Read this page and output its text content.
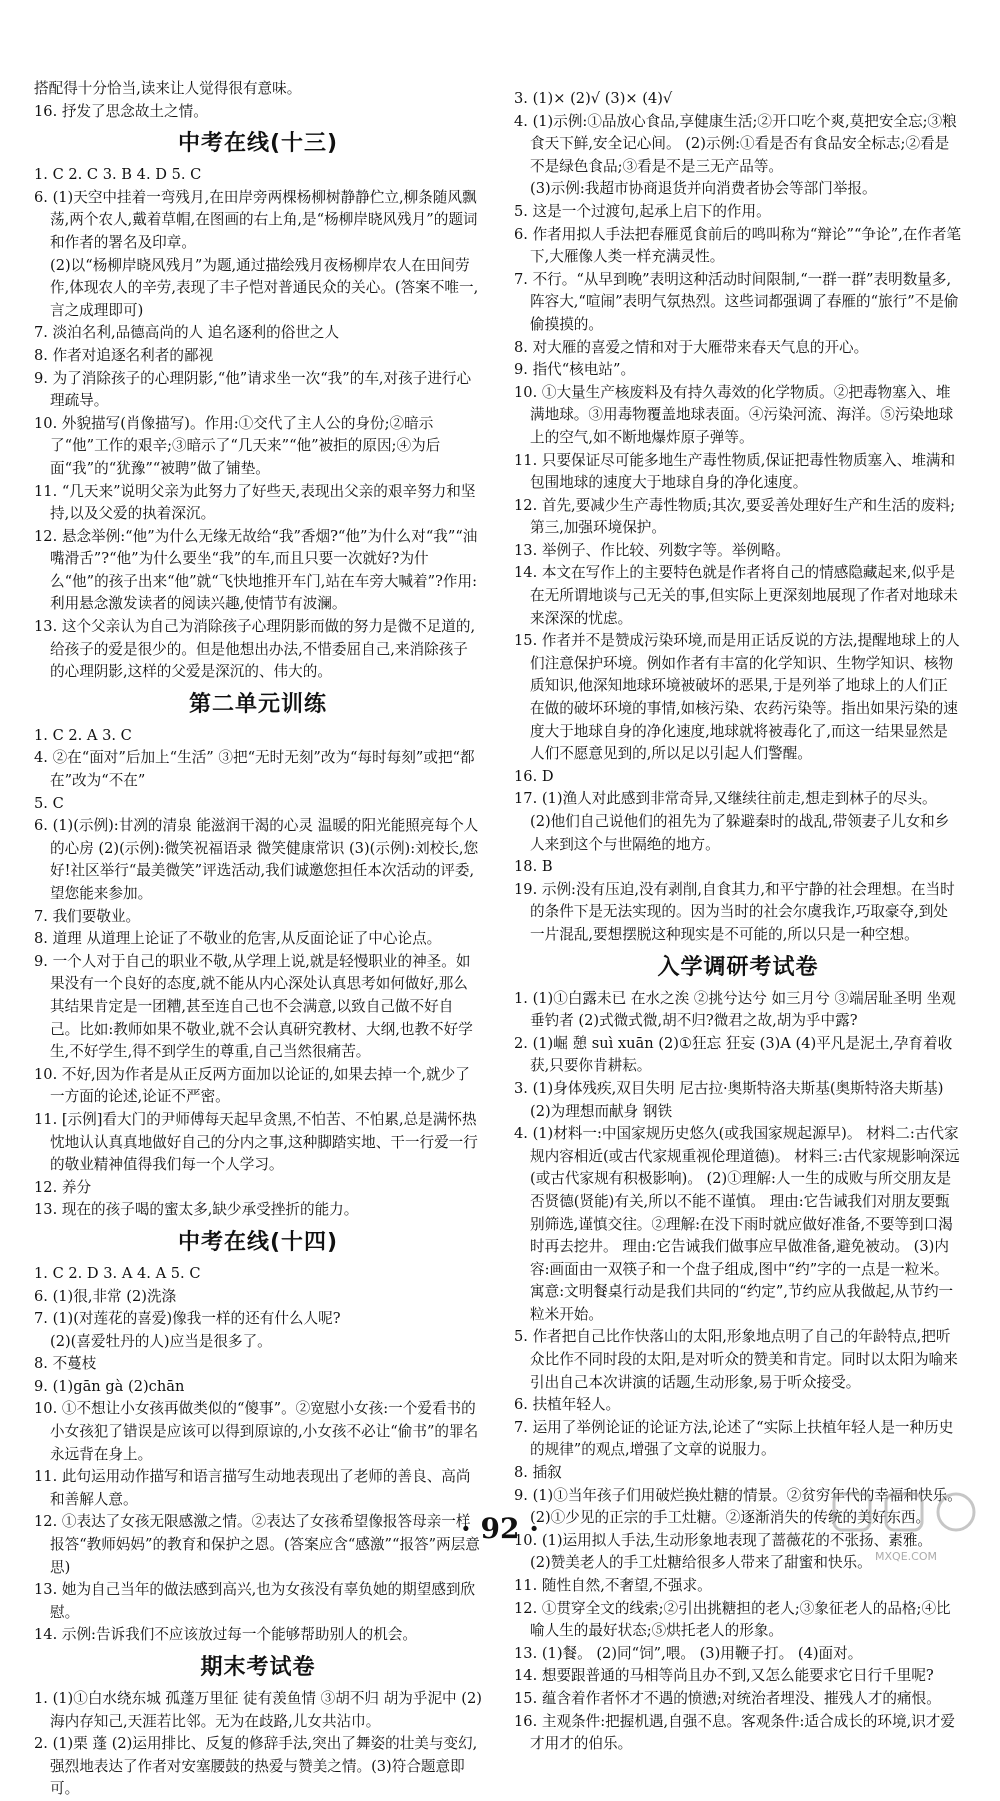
搭配得十分恰当,读来让人觉得很有意味。

16. 抒发了思念故土之情。

中考在线(十三)

1. C 2. C 3. B 4. D 5. C

6. (1)天空中挂着一弯残月,在田岸旁两棵杨柳树静静伫立,柳条随风飘荡,两个农人,戴着草帽,在图画的右上角,是“杨柳岸晓风残月”的题词和作者的署名及印章。

(2)以“杨柳岸晓风残月”为题,通过描绘残月夜杨柳岸农人在田间劳作,体现农人的辛劳,表现了丰子恺对普通民众的关心。(答案不唯一,言之成理即可)

7. 淡泊名利,品德高尚的人 追名逐利的俗世之人

8. 作者对追逐名利者的鄙视

9. 为了消除孩子的心理阴影,“他”请求坐一次“我”的车,对孩子进行心理疏导。

10. 外貌描写(肖像描写)。作用:①交代了主人公的身份;②暗示了“他”工作的艰辛;③暗示了“几天来”“他”被拒的原因;④为后面“我”的“犹豫”“被聘”做了铺垫。

11. “几天来”说明父亲为此努力了好些天,表现出父亲的艰辛努力和坚持,以及父爱的执着深沉。

12. 悬念举例:“他”为什么无缘无故给“我”香烟?“他”为什么对“我”“油嘴滑舌”?“他”为什么要坐“我”的车,而且只要一次就好?为什么“他”的孩子出来“他”就“飞快地推开车门,站在车旁大喊着”?作用:利用悬念激发读者的阅读兴趣,使情节有波澜。

13. 这个父亲认为自己为消除孩子心理阴影而做的努力是微不足道的,给孩子的爱是很少的。但是他想出办法,不惜委屈自己,来消除孩子的心理阴影,这样的父爱是深沉的、伟大的。

第二单元训练

1. C 2. A 3. C

4. ②在“面对”后加上“生活” ③把“无时无刻”改为“每时每刻”或把“都在”改为“不在”

5. C

6. (1)(示例):甘冽的清泉 能滋润干渴的心灵 温暖的阳光能照亮每个人的心房 (2)(示例):微笑祝福语录 微笑健康常识 (3)(示例):刘校长,您好!社区举行“最美微笑”评选活动,我们诚邀您担任本次活动的评委,望您能来参加。

7. 我们要敬业。

8. 道理 从道理上论证了不敬业的危害,从反面论证了中心论点。

9. 一个人对于自己的职业不敬,从学理上说,就是轻慢职业的神圣。如果没有一个良好的态度,就不能从内心深处认真思考如何做好,那么其结果肯定是一团糟,甚至连自己也不会满意,以致自己做不好自己。比如:教师如果不敬业,就不会认真研究教材、大纲,也教不好学生,不好学生,得不到学生的尊重,自己当然很痛苦。

10. 不好,因为作者是从正反两方面加以论证的,如果去掉一个,就少了一方面的论述,论证不严密。

11. [示例]看大门的尹师傅每天起早贪黑,不怕苦、不怕累,总是满怀热忱地认认真真地做好自己的分内之事,这种脚踏实地、干一行爱一行的敬业精神值得我们每一个人学习。

12. 养分

13. 现在的孩子喝的蜜太多,缺少承受挫折的能力。

中考在线(十四)

1. C 2. D 3. A 4. A 5. C

6. (1)很,非常 (2)洗涤

7. (1)(对莲花的喜爱)像我一样的还有什么人呢?

(2)(喜爱牡丹的人)应当是很多了。

8. 不蔓枝

9. (1)gān gà (2)chān

10. ①不想让小女孩再做类似的“傻事”。②宽慰小女孩:一个爱看书的小女孩犯了错误是应该可以得到原谅的,小女孩不必让“偷书”的罪名永远背在身上。

11. 此句运用动作描写和语言描写生动地表现出了老师的善良、高尚和善解人意。

12. ①表达了女孩无限感激之情。②表达了女孩希望像报答母亲一样报答“教师妈妈”的教育和保护之恩。(答案应含“感激”“报答”两层意思)

13. 她为自己当年的做法感到高兴,也为女孩没有辜负她的期望感到欣慰。

14. 示例:告诉我们不应该放过每一个能够帮助别人的机会。

期末考试卷

1. (1)①白水绕东城 孤蓬万里征 徒有羡鱼情 ③胡不归 胡为乎泥中 (2)海内存知己,天涯若比邻。无为在歧路,儿女共沾巾。

2. (1)栗 蓬 (2)运用排比、反复的修辞手法,突出了舞姿的壮美与变幻,强烈地表达了作者对安塞腰鼓的热爱与赞美之情。(3)符合题意即可。

3. (1)× (2)√ (3)× (4)√

4. (1)示例:①品放心食品,享健康生活;②开口吃个爽,莫把安全忘;③粮食天下鲜,安全记心间。 (2)示例:①看是否有食品安全标志;②看是不是绿色食品;③看是不是三无产品等。

(3)示例:我超市协商退货并向消费者协会等部门举报。

5. 这是一个过渡句,起承上启下的作用。

6. 作者用拟人手法把春雁觅食前后的鸣叫称为“辩论”“争论”,在作者笔下,大雁像人类一样充满灵性。

7. 不行。“从早到晚”表明这种活动时间限制,“一群一群”表明数量多,阵容大,“喧闹”表明气氛热烈。这些词都强调了春雁的“旅行”不是偷偷摸摸的。

8. 对大雁的喜爱之情和对于大雁带来春天气息的开心。

9. 指代“核电站”。

10. ①大量生产核废料及有持久毒效的化学物质。②把毒物塞入、堆满地球。③用毒物覆盖地球表面。④污染河流、海洋。⑤污染地球上的空气,如不断地爆炸原子弹等。

11. 只要保证尽可能多地生产毒性物质,保证把毒性物质塞入、堆满和包围地球的速度大于地球自身的净化速度。

12. 首先,要减少生产毒性物质;其次,要妥善处理好生产和生活的废料;第三,加强环境保护。

13. 举例子、作比较、列数字等。举例略。

14. 本文在写作上的主要特色就是作者将自己的情感隐藏起来,似乎是在无所谓地谈与己无关的事,但实际上更深刻地展现了作者对地球未来深深的忧虑。

15. 作者并不是赞成污染环境,而是用正话反说的方法,提醒地球上的人们注意保护环境。例如作者有丰富的化学知识、生物学知识、核物质知识,他深知地球环境被破坏的恶果,于是列举了地球上的人们正在做的破坏环境的事情,如核污染、农药污染等。指出如果污染的速度大于地球自身的净化速度,地球就将被毒化了,而这一结果显然是人们不愿意见到的,所以足以引起人们警醒。

16. D

17. (1)渔人对此感到非常奇异,又继续往前走,想走到林子的尽头。

(2)他们自己说他们的祖先为了躲避秦时的战乱,带领妻子儿女和乡人来到这个与世隔绝的地方。

18. B

19. 示例:没有压迫,没有剥削,自食其力,和平宁静的社会理想。在当时的条件下是无法实现的。因为当时的社会尔虞我诈,巧取豪夺,到处一片混乱,要想摆脱这种现实是不可能的,所以只是一种空想。

入学调研考试卷

1. (1)①白露未已 在水之涘 ②挑兮达兮 如三月兮 ③端居耻圣明 坐观垂钓者 (2)式微式微,胡不归?微君之故,胡为乎中露?

2. (1)崛 憩 suì xuān (2)①狂忘 狂妄 (3)A (4)平凡是泥土,孕育着收获,只要你肯耕耘。

3. (1)身体残疾,双目失明 尼古拉·奥斯特洛夫斯基(奥斯特洛夫斯基) (2)为理想而献身 钢铁

4. (1)材料一:中国家规历史悠久(或我国家规起源早)。 材料二:古代家规内容相近(或古代家规重视伦理道德)。 材料三:古代家规影响深远(或古代家规有积极影响)。 (2)①理解:人一生的成败与所交朋友是否贤德(贤能)有关,所以不能不谨慎。 理由:它告诫我们对朋友要甄别筛选,谨慎交往。②理解:在没下雨时就应做好准备,不要等到口渴时再去挖井。 理由:它告诫我们做事应早做准备,避免被动。 (3)内容:画面由一双筷子和一个盘子组成,图中“约”字的一点是一粒米。 寓意:文明餐桌行动是我们共同的“约定”,节约应从我做起,从节约一粒米开始。

5. 作者把自己比作快落山的太阳,形象地点明了自己的年龄特点,把听众比作不同时段的太阳,是对听众的赞美和肯定。同时以太阳为喻来引出自己本次讲演的话题,生动形象,易于听众接受。

6. 扶植年轻人。

7. 运用了举例论证的论证方法,论述了“实际上扶植年轻人是一种历史的规律”的观点,增强了文章的说服力。

8. 插叙

9. (1)①当年孩子们用破烂换灶糖的情景。②贫穷年代的幸福和快乐。 (2)①少见的正宗的手工灶糖。②逐渐消失的传统的美好东西。

10. (1)运用拟人手法,生动形象地表现了蔷薇花的不张扬、素雅。

(2)赞美老人的手工灶糖给很多人带来了甜蜜和快乐。

11. 随性自然,不奢望,不强求。

12. ①贯穿全文的线索;②引出挑糖担的老人;③象征老人的品格;④比喻人生的最好状态;⑤烘托老人的形象。

13. (1)餐。 (2)同“饲”,喂。 (3)用鞭子打。 (4)面对。

14. 想要跟普通的马相等尚且办不到,又怎么能要求它日行千里呢?

15. 蕴含着作者怀才不遇的愤懑;对统治者埋没、摧残人才的痛恨。

16. 主观条件:把握机遇,自强不息。客观条件:适合成长的环境,识才爱才用才的伯乐。

· 92 ·
MXQE.COM
